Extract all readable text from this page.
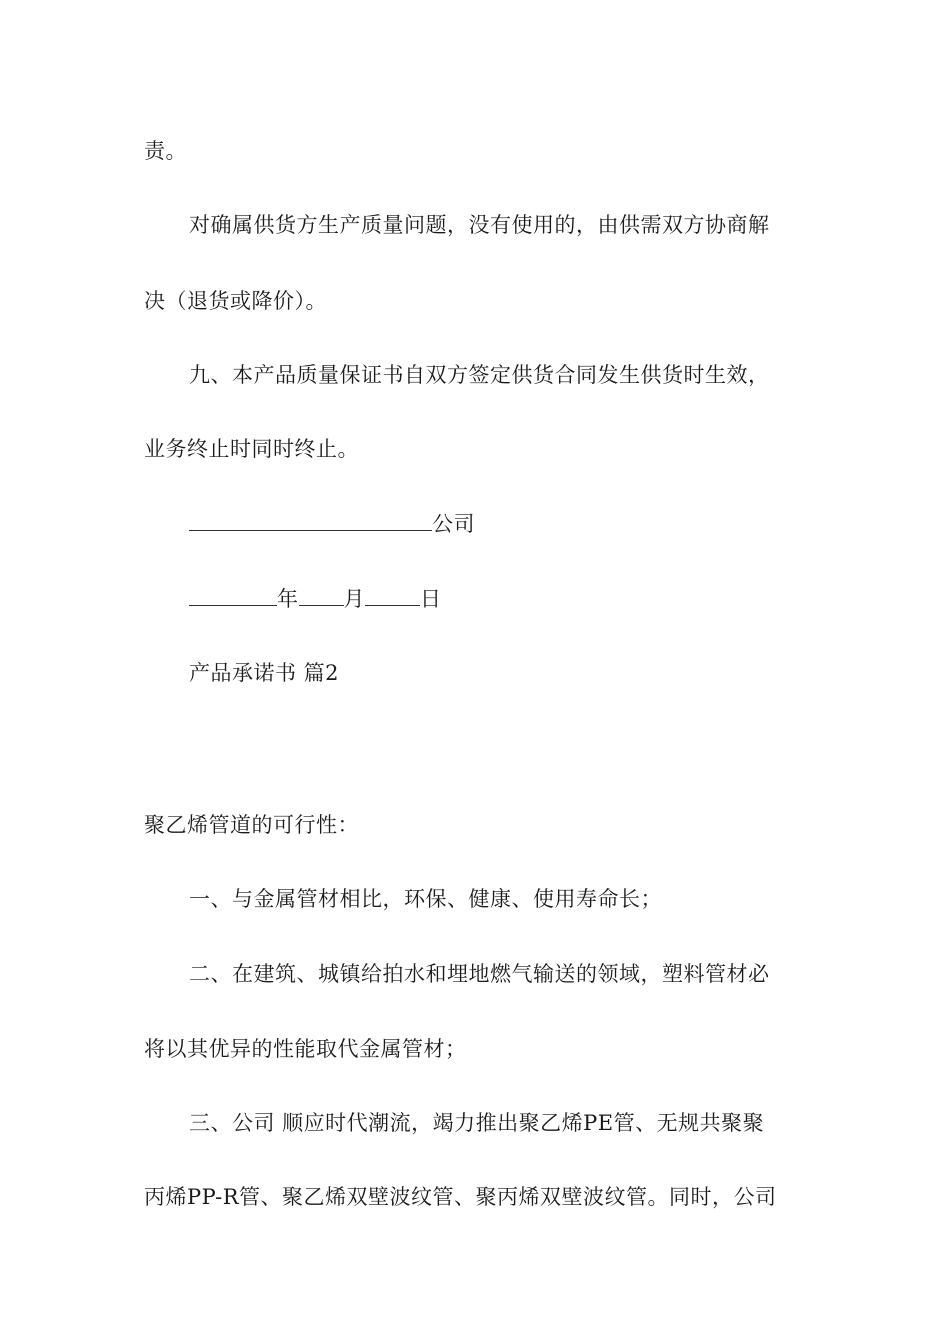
责。
对确属供货方生产质量问题，没有使用的，由供需双方协商解
决（退货或降价）。
九、本产品质量保证书自双方签定供货合同发生供货时生效，
业务终止时同时终止。
公司
年 月	日
产品承诺书 篇2
聚乙烯管道的可行性：
一、与金属管材相比，环保、健康、使用寿命长；
二、在建筑、城镇给拍水和埋地燃气输送的领域，塑料管材必
将以其优异的性能取代金属管材；
三、公司 顺应时代潮流，竭力推出聚乙烯PE管、无规共聚聚
丙烯PP-R管、聚乙烯双壁波纹管、聚丙烯双壁波纹管。同时，公司
